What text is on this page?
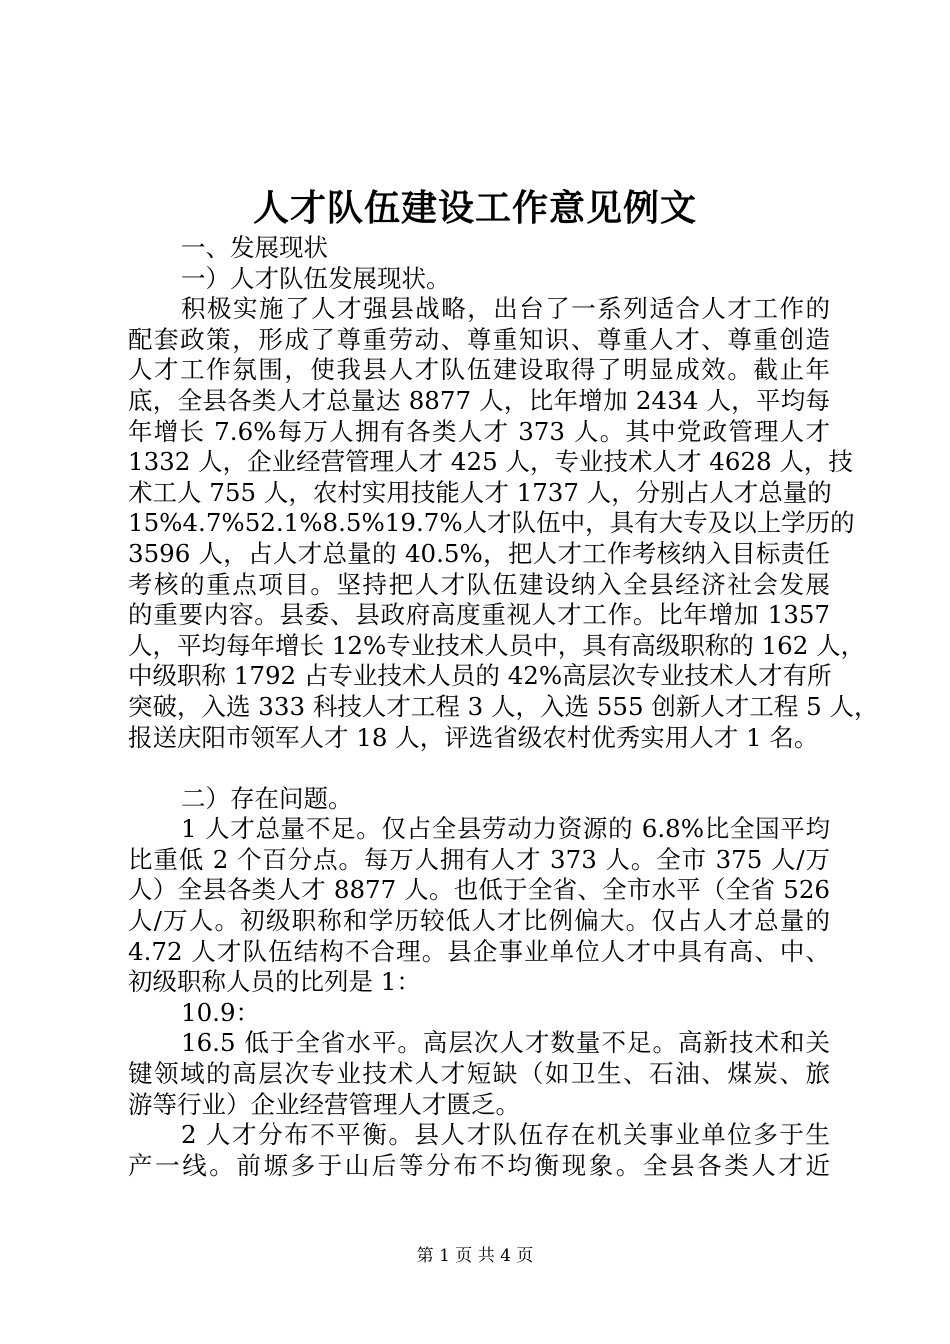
人才队伍建设工作意见例文
一、发展现状
一）人才队伍发展现状。
积极实施了人才强县战略，出台了一系列适合人才工作的
配套政策，形成了尊重劳动、尊重知识、尊重人才、尊重创造
人才工作氛围，使我县人才队伍建设取得了明显成效。截止年
底，全县各类人才总量达 8877 人，比年增加 2434 人，平均每
年增长 7.6%每万人拥有各类人才 373 人。其中党政管理人才
1332 人，企业经营管理人才 425 人，专业技术人才 4628 人，技
术工人 755 人，农村实用技能人才 1737 人，分别占人才总量的
15%4.7%52.1%8.5%19.7%人才队伍中，具有大专及以上学历的
3596 人，占人才总量的 40.5%，把人才工作考核纳入目标责任
考核的重点项目。坚持把人才队伍建设纳入全县经济社会发展
的重要内容。县委、县政府高度重视人才工作。比年增加 1357
人，平均每年增长 12%专业技术人员中，具有高级职称的 162 人，
中级职称 1792 占专业技术人员的 42%高层次专业技术人才有所
突破，入选 333 科技人才工程 3 人，入选 555 创新人才工程 5 人，
报送庆阳市领军人才 18 人，评选省级农村优秀实用人才 1 名。
二）存在问题。
1 人才总量不足。仅占全县劳动力资源的 6.8%比全国平均
比重低 2 个百分点。每万人拥有人才 373 人。全市 375 人/万
人）全县各类人才 8877 人。也低于全省、全市水平（全省 526
人/万人。初级职称和学历较低人才比例偏大。仅占人才总量的
4.72 人才队伍结构不合理。县企事业单位人才中具有高、中、
初级职称人员的比列是 1：
10.9：
16.5 低于全省水平。高层次人才数量不足。高新技术和关
键领域的高层次专业技术人才短缺（如卫生、石油、煤炭、旅
游等行业）企业经营管理人才匮乏。
2 人才分布不平衡。县人才队伍存在机关事业单位多于生
产一线。前塬多于山后等分布不均衡现象。全县各类人才近
第 1 页 共 4 页
